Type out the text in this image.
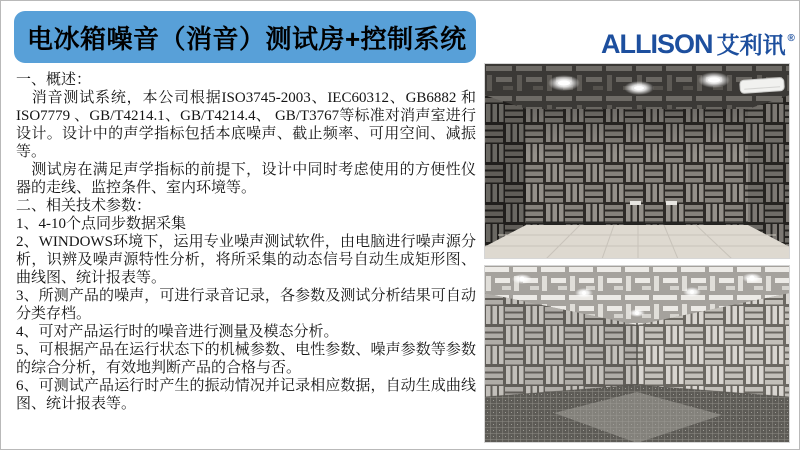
电冰箱噪音（消音）测试房+控制系统	ALLISON 艾利讯 ®

一、概述：

　消音测试系统，本公司根据ISO3745-2003、IEC60312、GB6882 和ISO7779 、GB/T4214.1、GB/T4214.4、 GB/T3767等标准对消声室进行设计。设计中的声学指标包括本底噪声、截止频率、可用空间、减振等。

　测试房在满足声学指标的前提下，设计中同时考虑使用的方便性仪器的走线、监控条件、室内环境等。

二、相关技术参数：

1、4-10个点同步数据采集

2、WINDOWS环境下，运用专业噪声测试软件，由电脑进行噪声源分析，识辨及噪声源特性分析，将所采集的动态信号自动生成矩形图、曲线图、统计报表等。

3、所测产品的噪声，可进行录音记录，各参数及测试分析结果可自动分类存档。

4、可对产品运行时的噪音进行测量及模态分析。

5、可根据产品在运行状态下的机械参数、电性参数、噪声参数等参数的综合分析，有效地判断产品的合格与否。

6、可测试产品运行时产生的振动情况并记录相应数据，自动生成曲线图、统计报表等。
